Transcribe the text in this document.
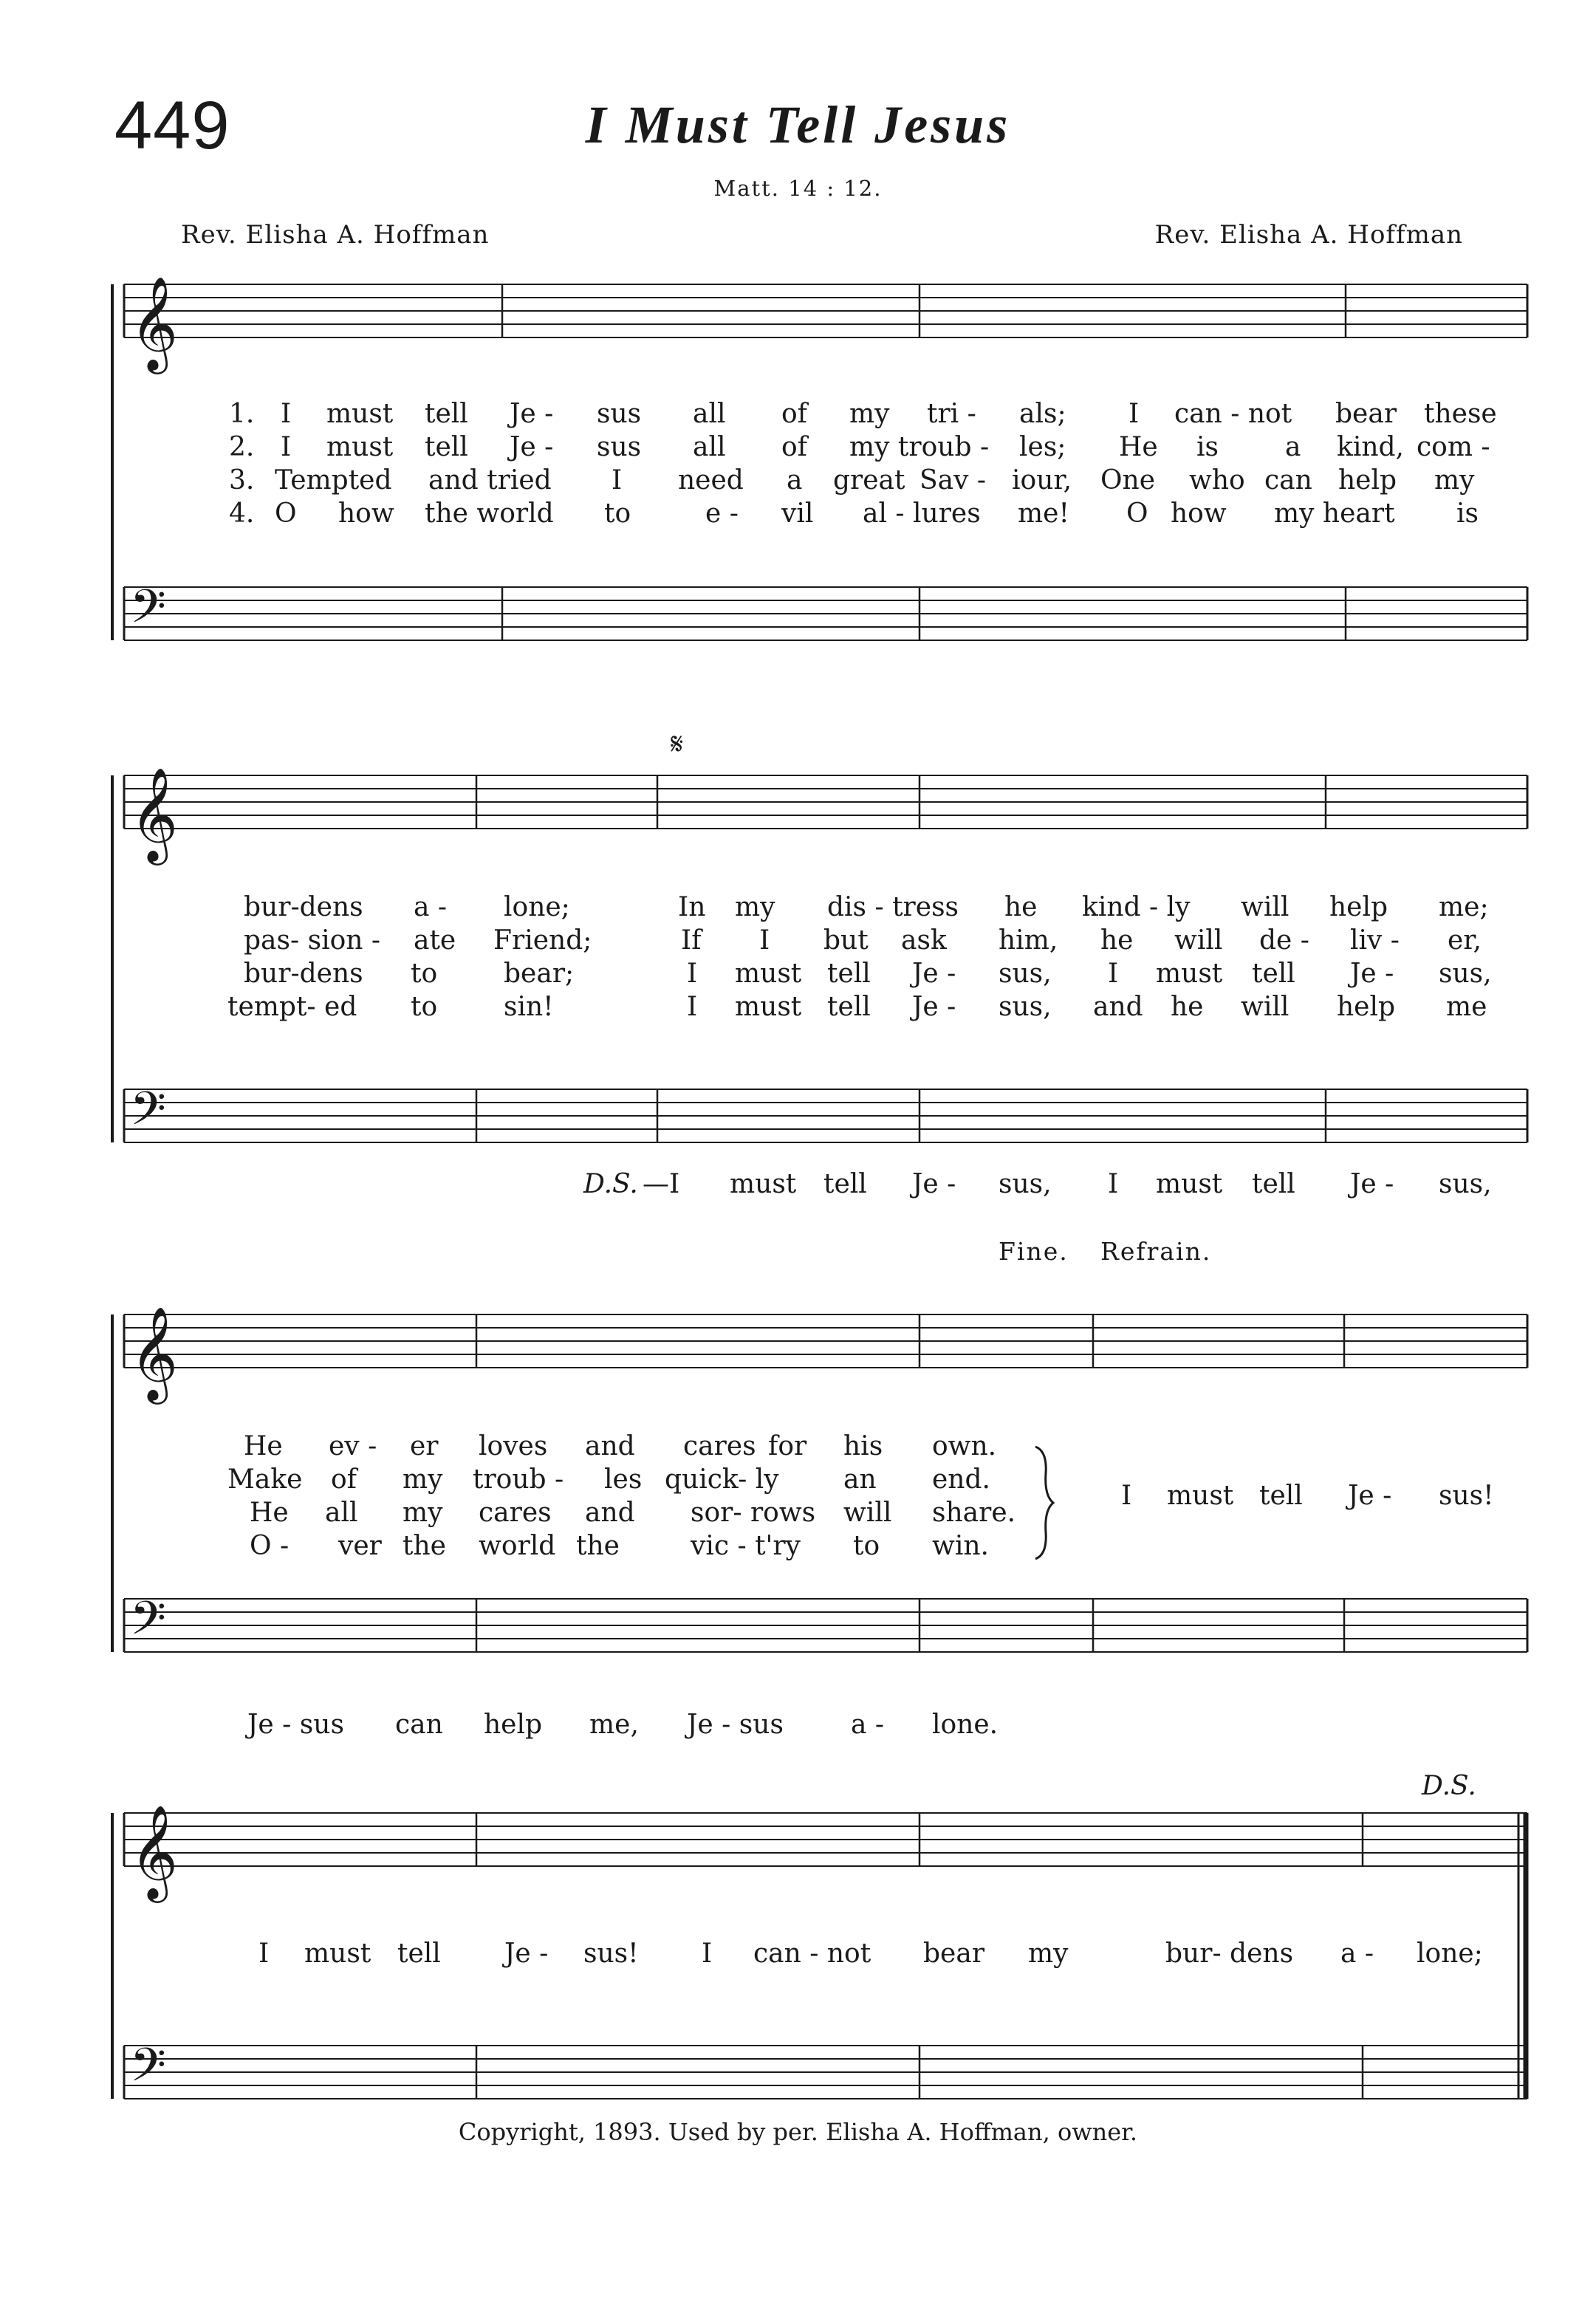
449	I Must Tell Jesus
Matt. 14 : 12.
Rev. Elisha A. Hoffman	Rev. Elisha A. Hoffman
𝄞
𝄢
𝄞
𝄢
𝄞
𝄢
𝄞
𝄢
1. I must tell Je - sus all of my tri - als; I can - not bear these
2. I must tell Je - sus all of my troub - les; He is	a kind, com -
3. Tempted and tried I need a great Sav - iour, One who can help my
4. O how the world to	e - vil al - lures me! O how my heart is
𝄋
bur-dens a - lone;	In my dis - tress he kind - ly will help me;
pas- sion - ate Friend;	If I but ask him, he will de - liv - er,
bur-dens to bear;	I must tell Je - sus, I must tell Je - sus,
tempt- ed to sin!	I must tell Je - sus, and he will help me
D.S. —I must tell Je - sus, I must tell Je - sus,
Fine. Refrain.
He ev - er loves and cares for his own.
Make of my troub - les quick- ly an end.
He all my cares and sor- rows will share.
O - ver the world the	vic - t'ry to win.
I must tell Je - sus!
Je - sus can help me, Je - sus	a - lone.
D.S.
I must tell Je - sus! I can - not bear my	bur- dens a - lone;
Copyright, 1893. Used by per. Elisha A. Hoffman, owner.
